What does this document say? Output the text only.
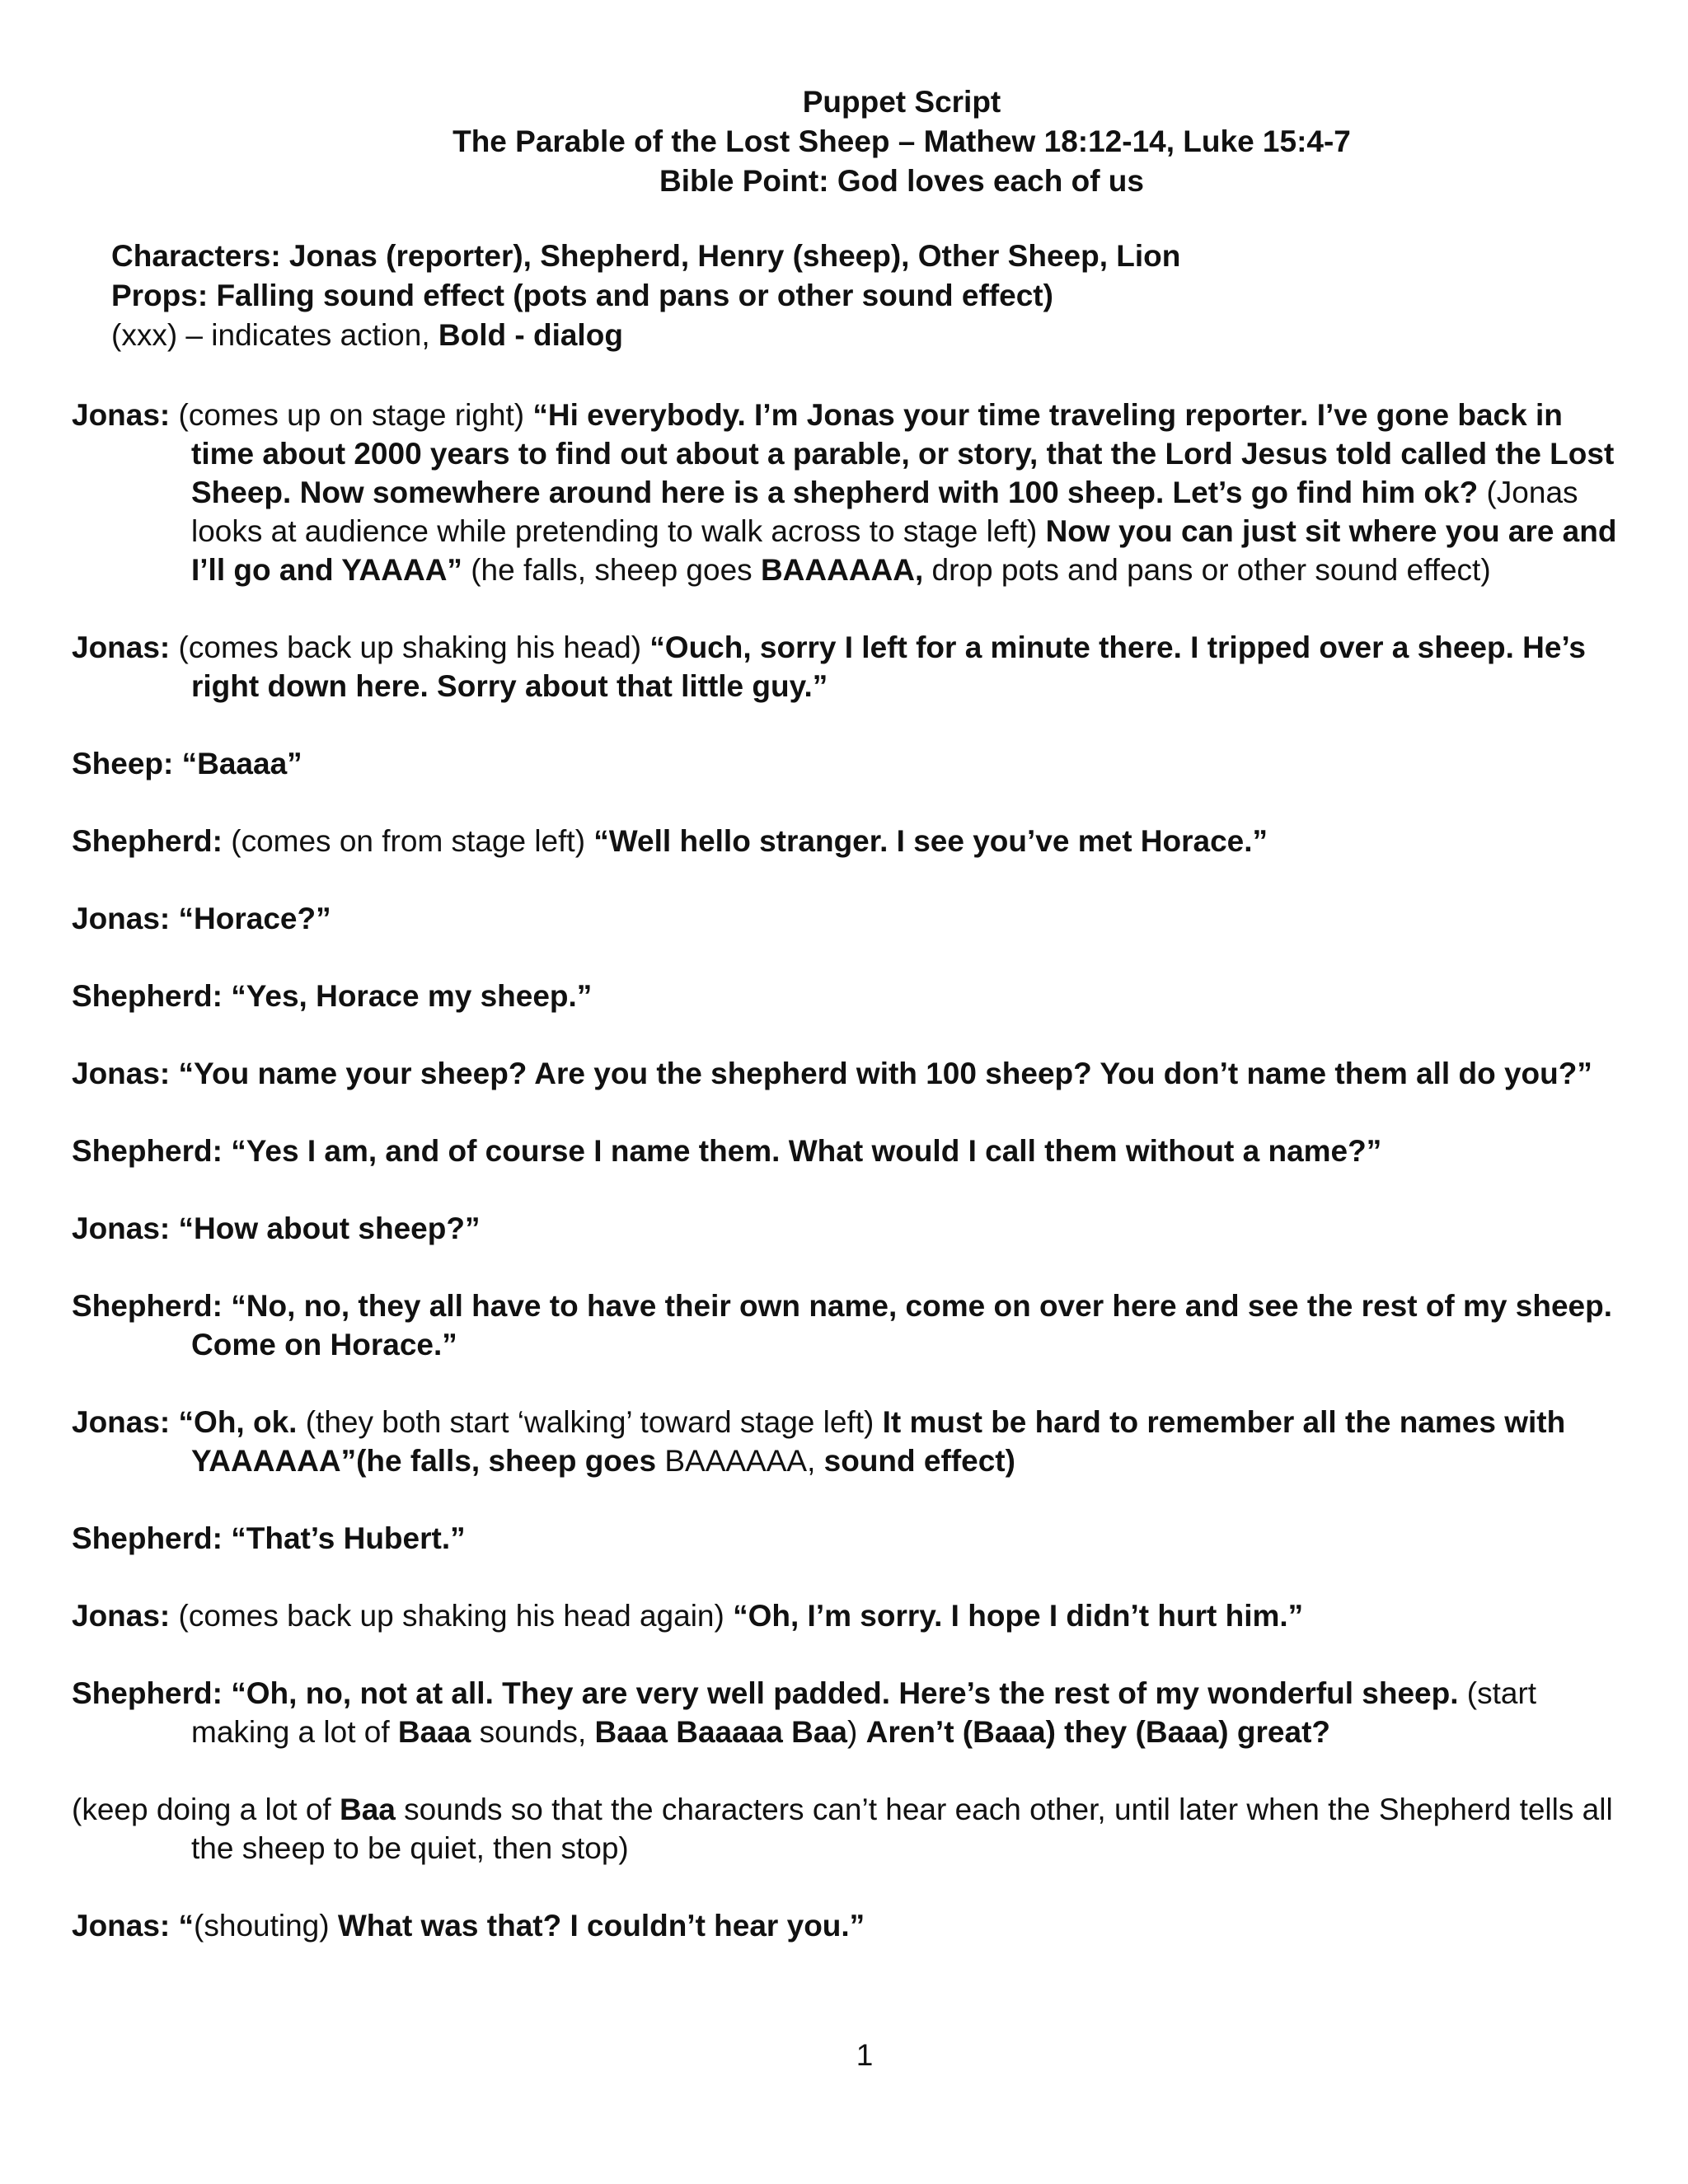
Puppet Script
The Parable of the Lost Sheep – Mathew 18:12-14, Luke 15:4-7
Bible Point: God loves each of us
Characters: Jonas (reporter), Shepherd, Henry (sheep), Other Sheep, Lion
Props: Falling sound effect (pots and pans or other sound effect)
(xxx) – indicates action, Bold - dialog

Jonas: (comes up on stage right) “Hi everybody. I’m Jonas your time traveling reporter. I’ve gone back in time about 2000 years to find out about a parable, or story, that the Lord Jesus told called the Lost Sheep. Now somewhere around here is a shepherd with 100 sheep. Let’s go find him ok? (Jonas looks at audience while pretending to walk across to stage left) Now you can just sit where you are and I’ll go and YAAAA” (he falls, sheep goes BAAAAAA, drop pots and pans or other sound effect)

Jonas: (comes back up shaking his head) “Ouch, sorry I left for a minute there. I tripped over a sheep. He’s right down here. Sorry about that little guy.”

Sheep: “Baaaa”

Shepherd: (comes on from stage left) “Well hello stranger. I see you’ve met Horace.”

Jonas: “Horace?”

Shepherd: “Yes, Horace my sheep.”

Jonas: “You name your sheep? Are you the shepherd with 100 sheep? You don’t name them all do you?”

Shepherd: “Yes I am, and of course I name them. What would I call them without a name?”

Jonas: “How about sheep?”

Shepherd: “No, no, they all have to have their own name, come on over here and see the rest of my sheep. Come on Horace.”

Jonas: “Oh, ok. (they both start ‘walking’ toward stage left) It must be hard to remember all the names with YAAAAAA”(he falls, sheep goes BAAAAAA, sound effect)

Shepherd: “That’s Hubert.”

Jonas: (comes back up shaking his head again) “Oh, I’m sorry. I hope I didn’t hurt him.”

Shepherd: “Oh, no, not at all. They are very well padded. Here’s the rest of my wonderful sheep. (start making a lot of Baaa sounds, Baaa Baaaaa Baa) Aren’t (Baaa) they (Baaa) great?

(keep doing a lot of Baa sounds so that the characters can’t hear each other, until later when the Shepherd tells all the sheep to be quiet, then stop)

Jonas: “(shouting) What was that? I couldn’t hear you.”

1
